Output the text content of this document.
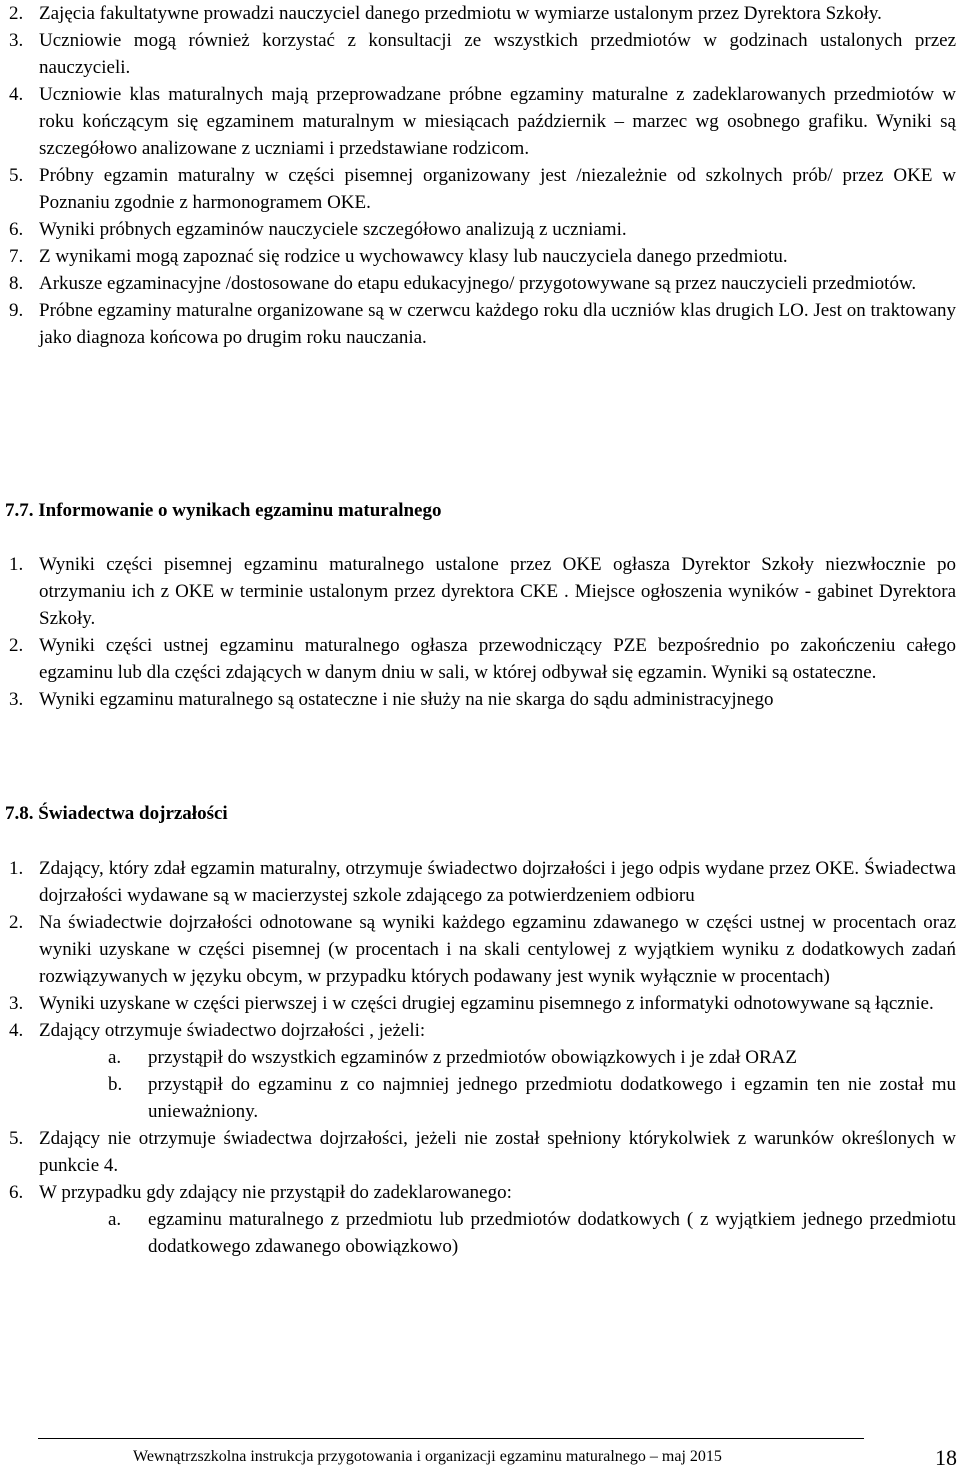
2. Zajęcia fakultatywne prowadzi nauczyciel danego przedmiotu w wymiarze ustalonym przez Dyrektora Szkoły.
3. Uczniowie mogą również korzystać z konsultacji ze wszystkich przedmiotów w godzinach ustalonych przez nauczycieli.
4. Uczniowie klas maturalnych mają przeprowadzane próbne egzaminy maturalne z zadeklarowanych przedmiotów w roku kończącym się egzaminem maturalnym w miesiącach październik – marzec wg osobnego grafiku. Wyniki są szczegółowo analizowane z uczniami i przedstawiane rodzicom.
5. Próbny egzamin maturalny w części pisemnej organizowany jest /niezależnie od szkolnych prób/ przez OKE w Poznaniu zgodnie z harmonogramem OKE.
6. Wyniki próbnych egzaminów nauczyciele szczegółowo analizują z uczniami.
7. Z wynikami mogą zapoznać się rodzice u wychowawcy klasy lub nauczyciela danego przedmiotu.
8. Arkusze egzaminacyjne /dostosowane do etapu edukacyjnego/ przygotowywane są przez nauczycieli przedmiotów.
9. Próbne egzaminy maturalne organizowane są w czerwcu każdego roku dla uczniów klas drugich LO. Jest on traktowany jako diagnoza końcowa po drugim roku nauczania.
7.7. Informowanie o wynikach egzaminu maturalnego
1. Wyniki części pisemnej egzaminu maturalnego ustalone przez OKE ogłasza Dyrektor Szkoły niezwłocznie po otrzymaniu ich z OKE w terminie ustalonym przez dyrektora CKE . Miejsce ogłoszenia wyników - gabinet Dyrektora Szkoły.
2. Wyniki części ustnej egzaminu maturalnego ogłasza przewodniczący PZE bezpośrednio po zakończeniu całego egzaminu lub dla części zdających w danym dniu w sali, w której odbywał się egzamin. Wyniki są ostateczne.
3. Wyniki egzaminu maturalnego są ostateczne i nie służy na nie skarga do sądu administracyjnego
7.8. Świadectwa dojrzałości
1. Zdający, który zdał egzamin maturalny, otrzymuje świadectwo dojrzałości i jego odpis wydane przez OKE. Świadectwa dojrzałości wydawane są w macierzystej szkole zdającego za potwierdzeniem odbioru
2. Na świadectwie dojrzałości odnotowane są wyniki każdego egzaminu zdawanego w części ustnej w procentach oraz wyniki uzyskane w części pisemnej (w procentach i na skali centylowej z wyjątkiem wyniku z dodatkowych zadań rozwiązywanych w języku obcym, w przypadku których podawany jest wynik wyłącznie w procentach)
3. Wyniki uzyskane w części pierwszej i w części drugiej egzaminu pisemnego z informatyki odnotowywane są łącznie.
4. Zdający otrzymuje świadectwo dojrzałości , jeżeli:
a. przystąpił do wszystkich egzaminów z przedmiotów obowiązkowych i je zdał ORAZ
b. przystąpił do egzaminu z co najmniej jednego przedmiotu dodatkowego i egzamin ten nie został mu unieważniony.
5. Zdający nie otrzymuje świadectwa dojrzałości, jeżeli nie został spełniony którykolwiek z warunków określonych w punkcie 4.
6. W przypadku gdy zdający nie przystąpił do zadeklarowanego:
a. egzaminu maturalnego z przedmiotu lub przedmiotów dodatkowych ( z wyjątkiem jednego przedmiotu dodatkowego zdawanego obowiązkowo)
Wewnątrzszkolna instrukcja przygotowania i organizacji egzaminu maturalnego – maj 2015	18
